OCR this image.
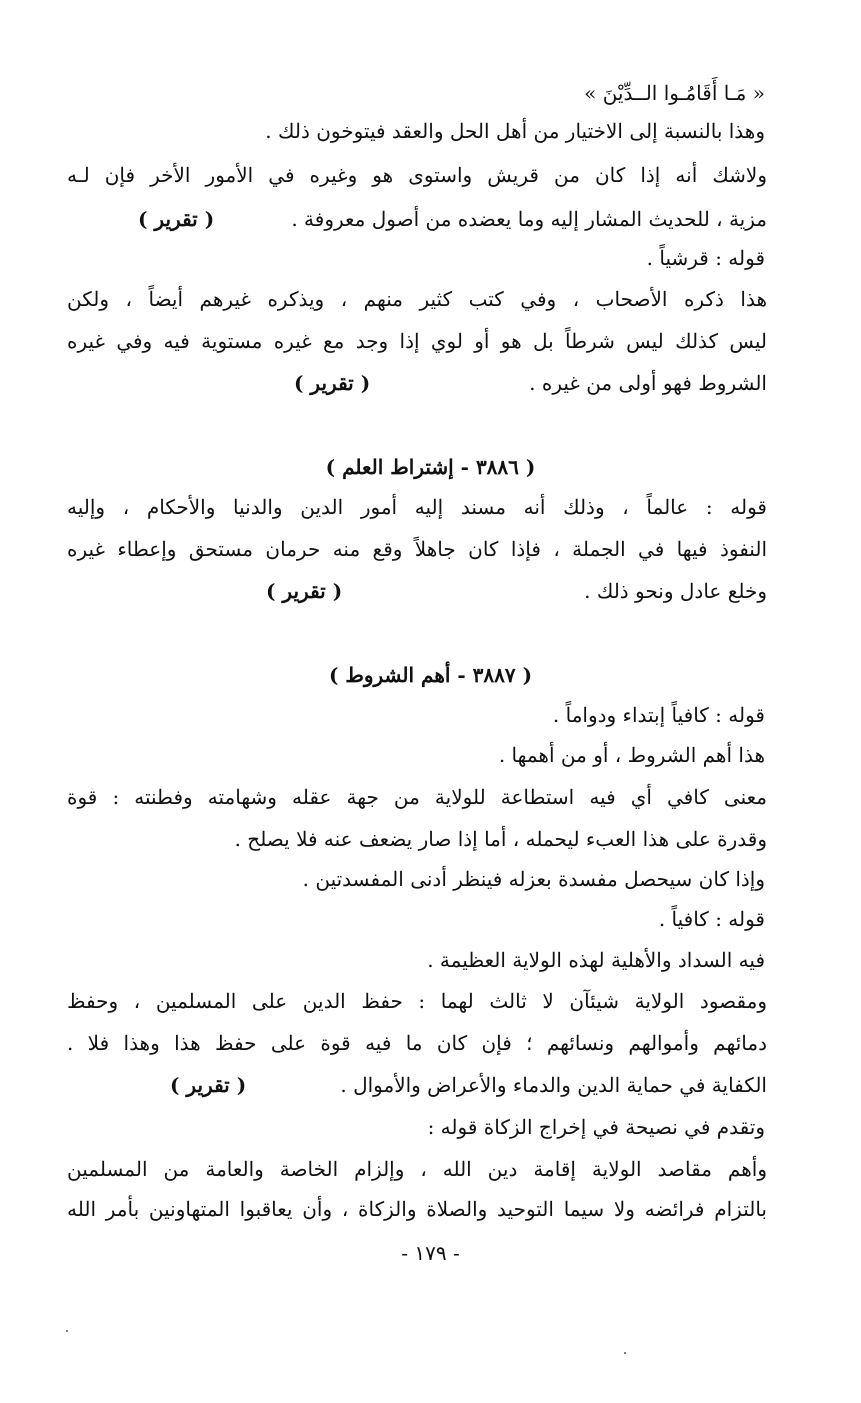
« مَـا أَقَامُـوا الــدِّيْنَ »
وهذا بالنسبة إلى الاختيار من أهل الحل والعقد فيتوخون ذلك .
ولاشك أنه إذا كان من قريش واستوى هو وغيره في الأمور الأخر فإن لـه
مزية ، للحديث المشار إليه وما يعضده من أصول معروفة .
( تقرير )
قوله : قرشياً .
هذا ذكره الأصحاب ، وفي كتب كثير منهم ، ويذكره غيرهم أيضاً ، ولكن
ليس كذلك ليس شرطاً بل هو أو لوي إذا وجد مع غيره مستوية فيه وفي غيره
الشروط فهو أولى من غيره .
( تقرير )
( ٣٨٨٦ - إشتراط العلم )
قوله : عالماً ، وذلك أنه مسند إليه أمور الدين والدنيا والأحكام ، وإليه
النفوذ فيها في الجملة ، فإذا كان جاهلاً وقع منه حرمان مستحق وإعطاء غيره
وخلع عادل ونحو ذلك .
( تقرير )
( ٣٨٨٧ - أهم الشروط )
قوله : كافياً إبتداء ودواماً .
هذا أهم الشروط ، أو من أهمها .
معنى كافي أي فيه استطاعة للولاية من جهة عقله وشهامته وفطنته : قوة
وقدرة على هذا العبء ليحمله ، أما إذا صار يضعف عنه فلا يصلح .
وإذا كان سيحصل مفسدة بعزله فينظر أدنى المفسدتين .
قوله : كافياً .
فيه السداد والأهلية لهذه الولاية العظيمة .
ومقصود الولاية شيئآن لا ثالث لهما : حفظ الدين على المسلمين ، وحفظ
دمائهم وأموالهم ونسائهم ؛ فإن كان ما فيه قوة على حفظ هذا وهذا فلا .
الكفاية في حماية الدين والدماء والأعراض والأموال .
( تقرير )
وتقدم في نصيحة في إخراج الزكاة قوله :
وأهم مقاصد الولاية إقامة دين الله ، وإلزام الخاصة والعامة من المسلمين
بالتزام فرائضه ولا سيما التوحيد والصلاة والزكاة ، وأن يعاقبوا المتهاونين بأمر الله
- ١٧٩ -
